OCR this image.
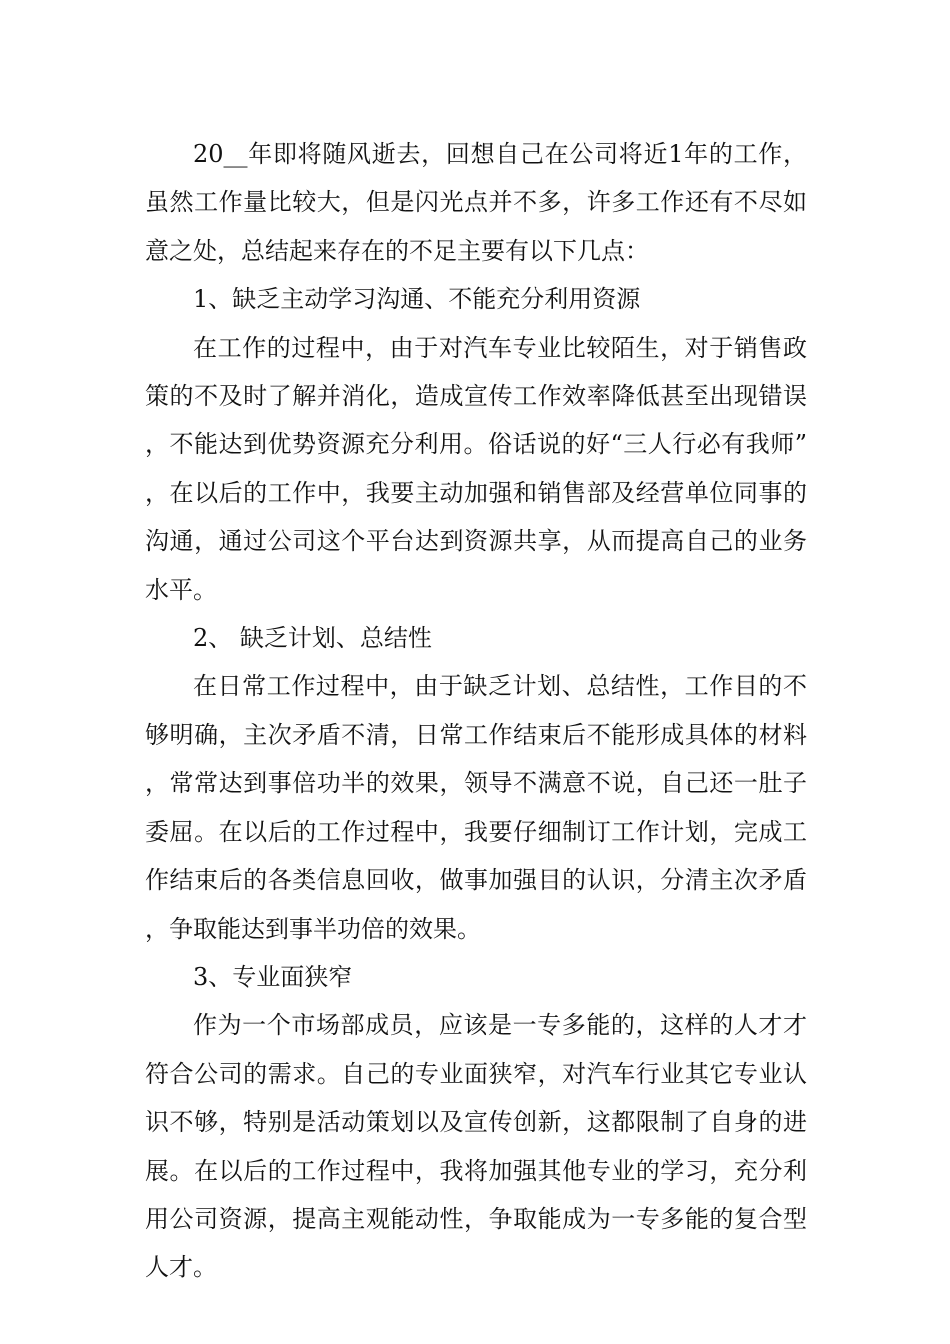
20__年即将随风逝去，回想自己在公司将近1年的工作，虽然工作量比较大，但是闪光点并不多，许多工作还有不尽如意之处，总结起来存在的不足主要有以下几点：

1、缺乏主动学习沟通、不能充分利用资源

在工作的过程中，由于对汽车专业比较陌生，对于销售政策的不及时了解并消化，造成宣传工作效率降低甚至出现错误，不能达到优势资源充分利用。俗话说的好“三人行必有我师”，在以后的工作中，我要主动加强和销售部及经营单位同事的沟通，通过公司这个平台达到资源共享，从而提高自己的业务水平。

2、 缺乏计划、总结性

在日常工作过程中，由于缺乏计划、总结性，工作目的不够明确，主次矛盾不清，日常工作结束后不能形成具体的材料，常常达到事倍功半的效果，领导不满意不说，自己还一肚子委屈。在以后的工作过程中，我要仔细制订工作计划，完成工作结束后的各类信息回收，做事加强目的认识，分清主次矛盾，争取能达到事半功倍的效果。

3、专业面狭窄

作为一个市场部成员，应该是一专多能的，这样的人才才符合公司的需求。自己的专业面狭窄，对汽车行业其它专业认识不够，特别是活动策划以及宣传创新，这都限制了自身的进展。在以后的工作过程中，我将加强其他专业的学习，充分利用公司资源，提高主观能动性，争取能成为一专多能的复合型人才。
